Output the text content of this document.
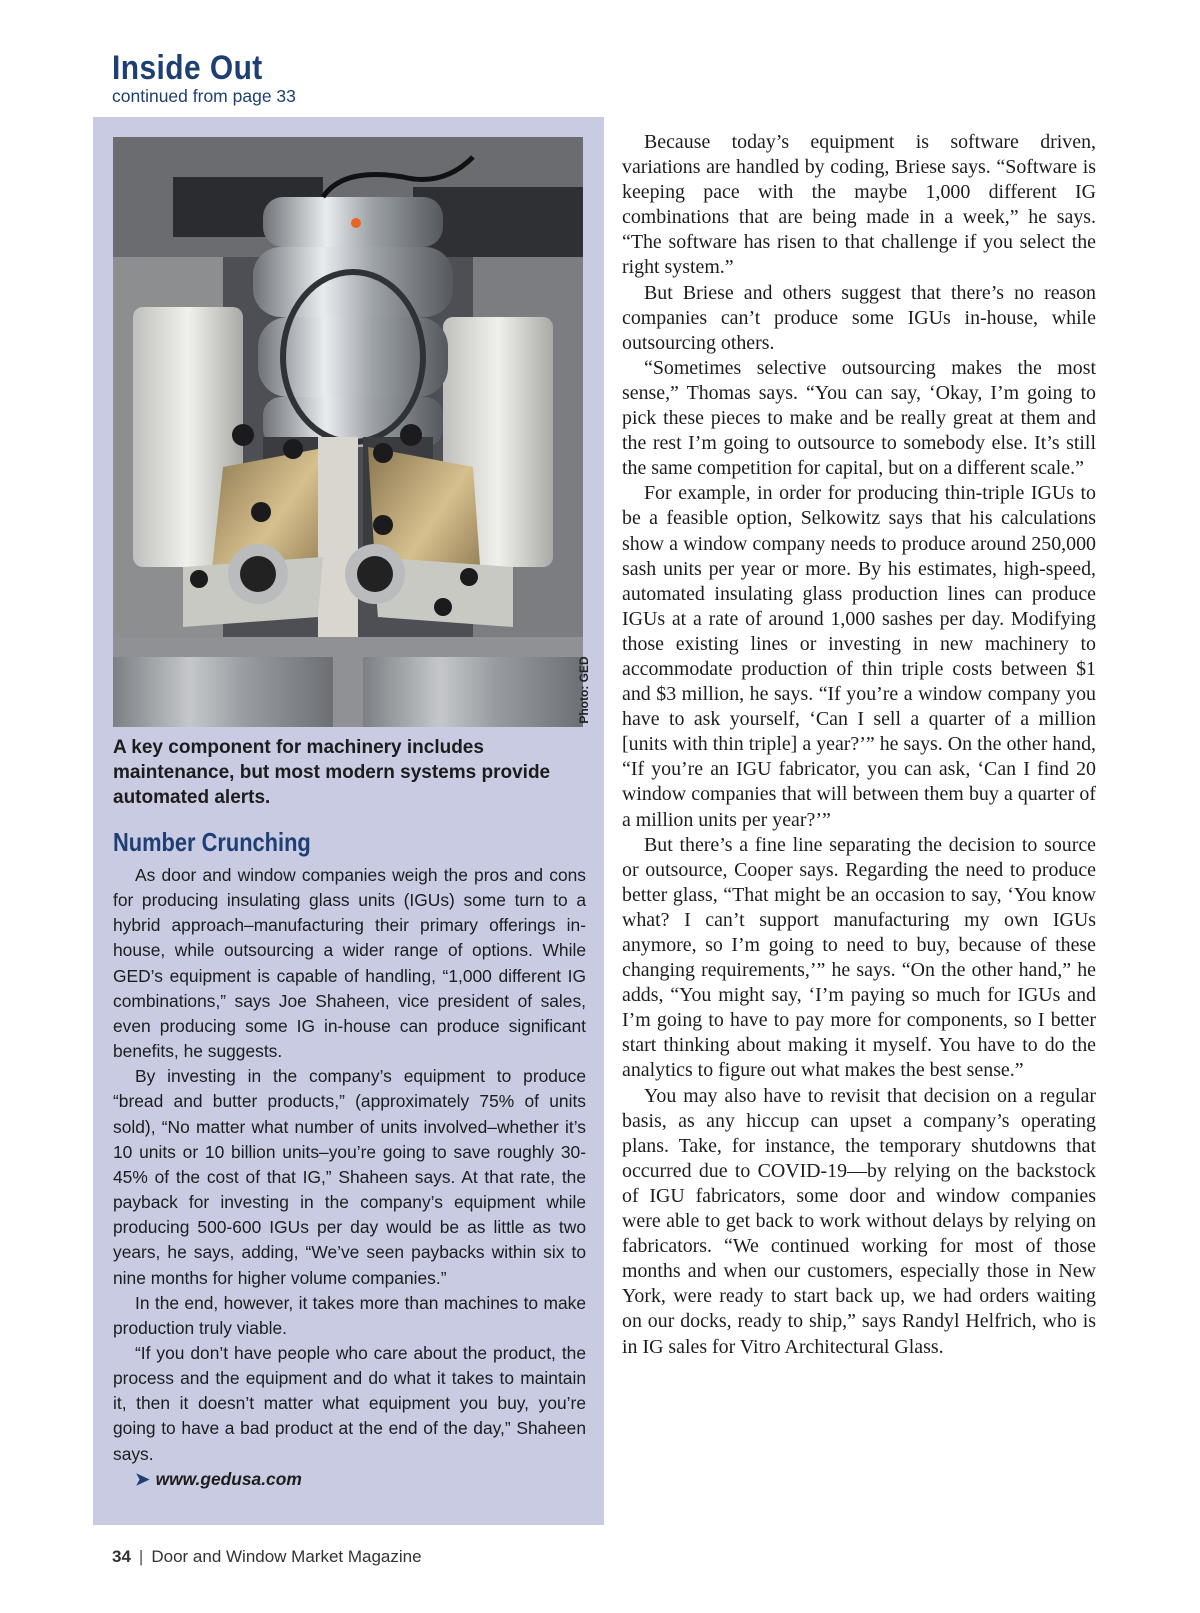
Inside Out
continued from page 33

A key component for machinery includes maintenance, but most modern systems provide automated alerts.

Number Crunching

As door and window companies weigh the pros and cons for producing insulating glass units (IGUs) some turn to a hybrid approach–manufacturing their primary offerings in-house, while outsourcing a wider range of options. While GED’s equipment is capable of handling, “1,000 different IG combinations,” says Joe Shaheen, vice president of sales, even producing some IG in-house can produce significant benefits, he suggests.

By investing in the company’s equipment to produce “bread and butter products,” (approximately 75% of units sold), “No matter what number of units involved–whether it’s 10 units or 10 billion units–you’re going to save roughly 30-45% of the cost of that IG,” Shaheen says. At that rate, the payback for investing in the company’s equipment while producing 500-600 IGUs per day would be as little as two years, he says, adding, “We’ve seen paybacks within six to nine months for higher volume companies.”

In the end, however, it takes more than machines to make production truly viable.

“If you don’t have people who care about the product, the process and the equipment and do what it takes to maintain it, then it doesn’t matter what equipment you buy, you’re going to have a bad product at the end of the day,” Shaheen says.

➤ www.gedusa.com

Photo: GED

Because today’s equipment is software driven, variations are handled by coding, Briese says. “Software is keeping pace with the maybe 1,000 different IG combinations that are being made in a week,” he says. “The software has risen to that challenge if you select the right system.”

But Briese and others suggest that there’s no reason companies can’t produce some IGUs in-house, while outsourcing others.

“Sometimes selective outsourcing makes the most sense,” Thomas says. “You can say, ‘Okay, I’m going to pick these pieces to make and be really great at them and the rest I’m going to outsource to somebody else. It’s still the same competition for capital, but on a different scale.”

For example, in order for producing thin-triple IGUs to be a feasible option, Selkowitz says that his calculations show a window company needs to produce around 250,000 sash units per year or more. By his estimates, high-speed, automated insulating glass production lines can produce IGUs at a rate of around 1,000 sashes per day. Modifying those existing lines or investing in new machinery to accommodate production of thin triple costs between $1 and $3 million, he says. “If you’re a window company you have to ask yourself, ‘Can I sell a quarter of a million [units with thin triple] a year?’” he says. On the other hand, “If you’re an IGU fabricator, you can ask, ‘Can I find 20 window companies that will between them buy a quarter of a million units per year?’”

But there’s a fine line separating the decision to source or outsource, Cooper says. Regarding the need to produce better glass, “That might be an occasion to say, ‘You know what? I can’t support manufacturing my own IGUs anymore, so I’m going to need to buy, because of these changing requirements,’” he says. “On the other hand,” he adds, “You might say, ‘I’m paying so much for IGUs and I’m going to have to pay more for components, so I better start thinking about making it myself. You have to do the analytics to figure out what makes the best sense.”

You may also have to revisit that decision on a regular basis, as any hiccup can upset a company’s operating plans. Take, for instance, the temporary shutdowns that occurred due to COVID-19—by relying on the backstock of IGU fabricators, some door and window companies were able to get back to work without delays by relying on fabricators. “We continued working for most of those months and when our customers, especially those in New York, were ready to start back up, we had orders waiting on our docks, ready to ship,” says Randyl Helfrich, who is in IG sales for Vitro Architectural Glass.

34 | Door and Window Market Magazine
